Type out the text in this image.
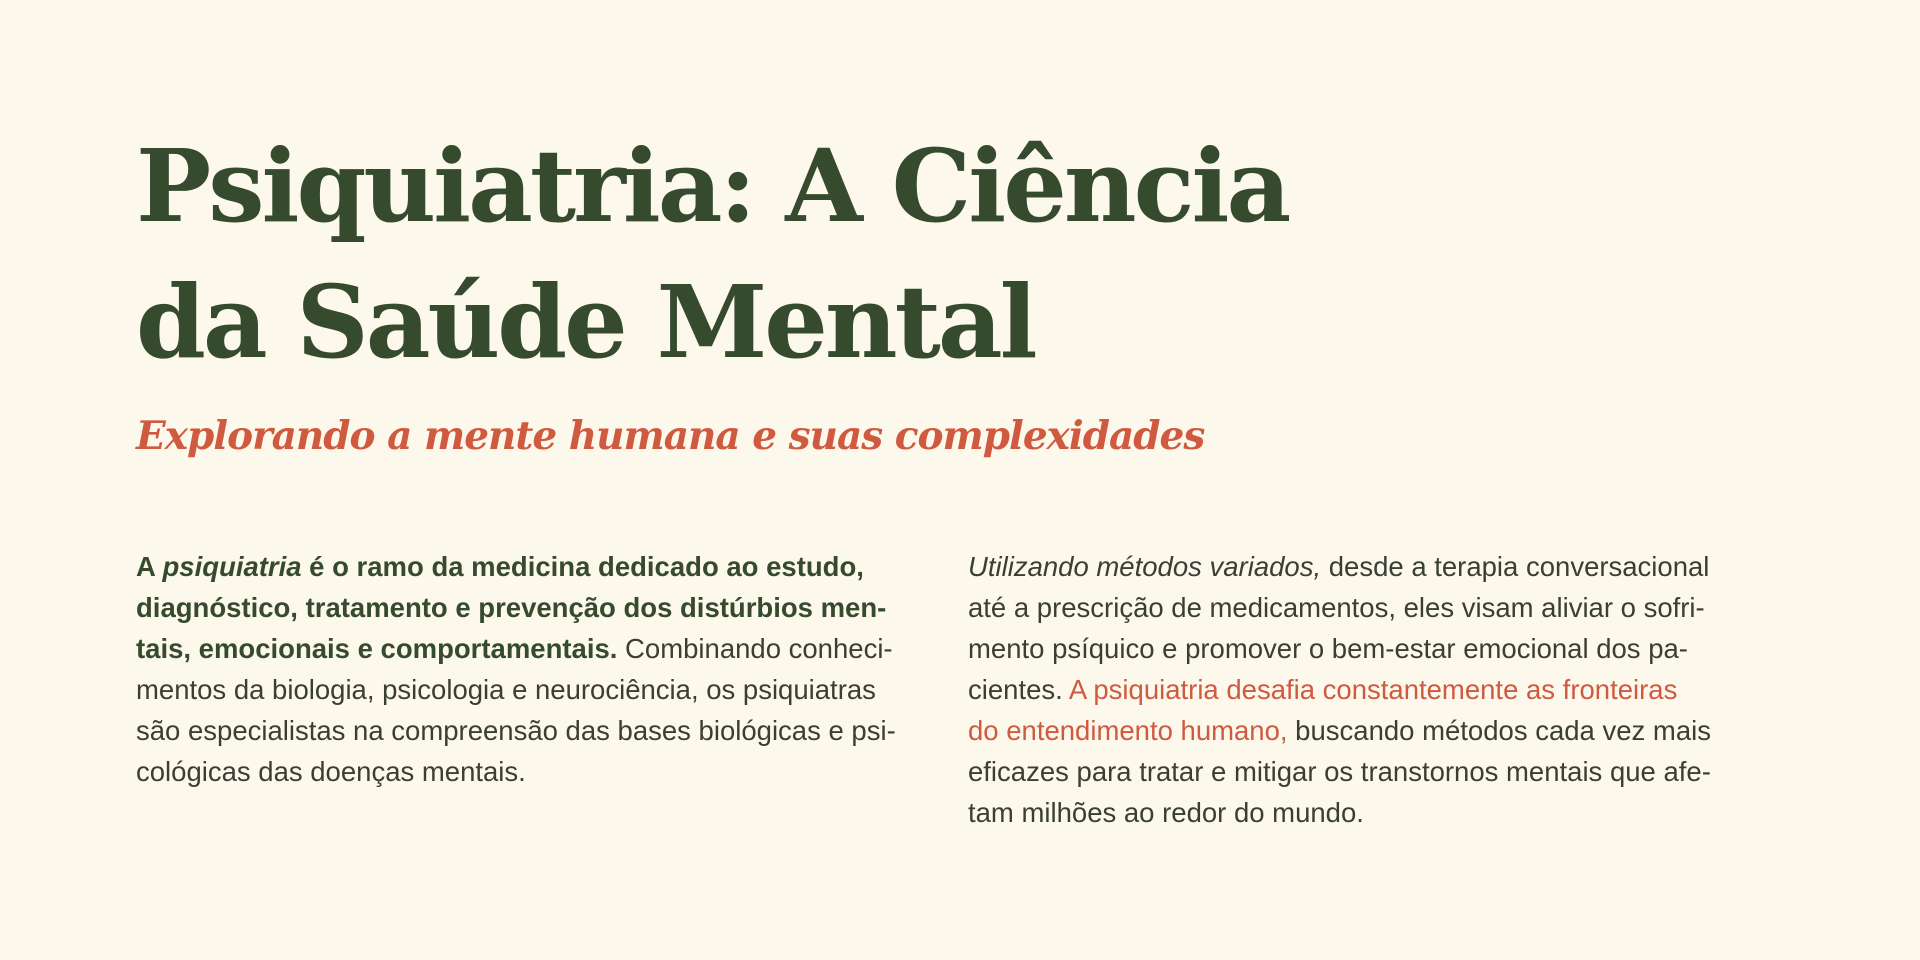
Psiquiatria: A Ciência
da Saúde Mental
Explorando a mente humana e suas complexidades

A psiquiatria é o ramo da medicina dedicado ao estudo,
diagnóstico, tratamento e prevenção dos distúrbios men-
tais, emocionais e comportamentais. Combinando conheci-
mentos da biologia, psicologia e neurociência, os psiquiatras
são especialistas na compreensão das bases biológicas e psi-
cológicas das doenças mentais.

Utilizando métodos variados, desde a terapia conversacional
até a prescrição de medicamentos, eles visam aliviar o sofri-
mento psíquico e promover o bem-estar emocional dos pa-
cientes. A psiquiatria desafia constantemente as fronteiras
do entendimento humano, buscando métodos cada vez mais
eficazes para tratar e mitigar os transtornos mentais que afe-
tam milhões ao redor do mundo.
